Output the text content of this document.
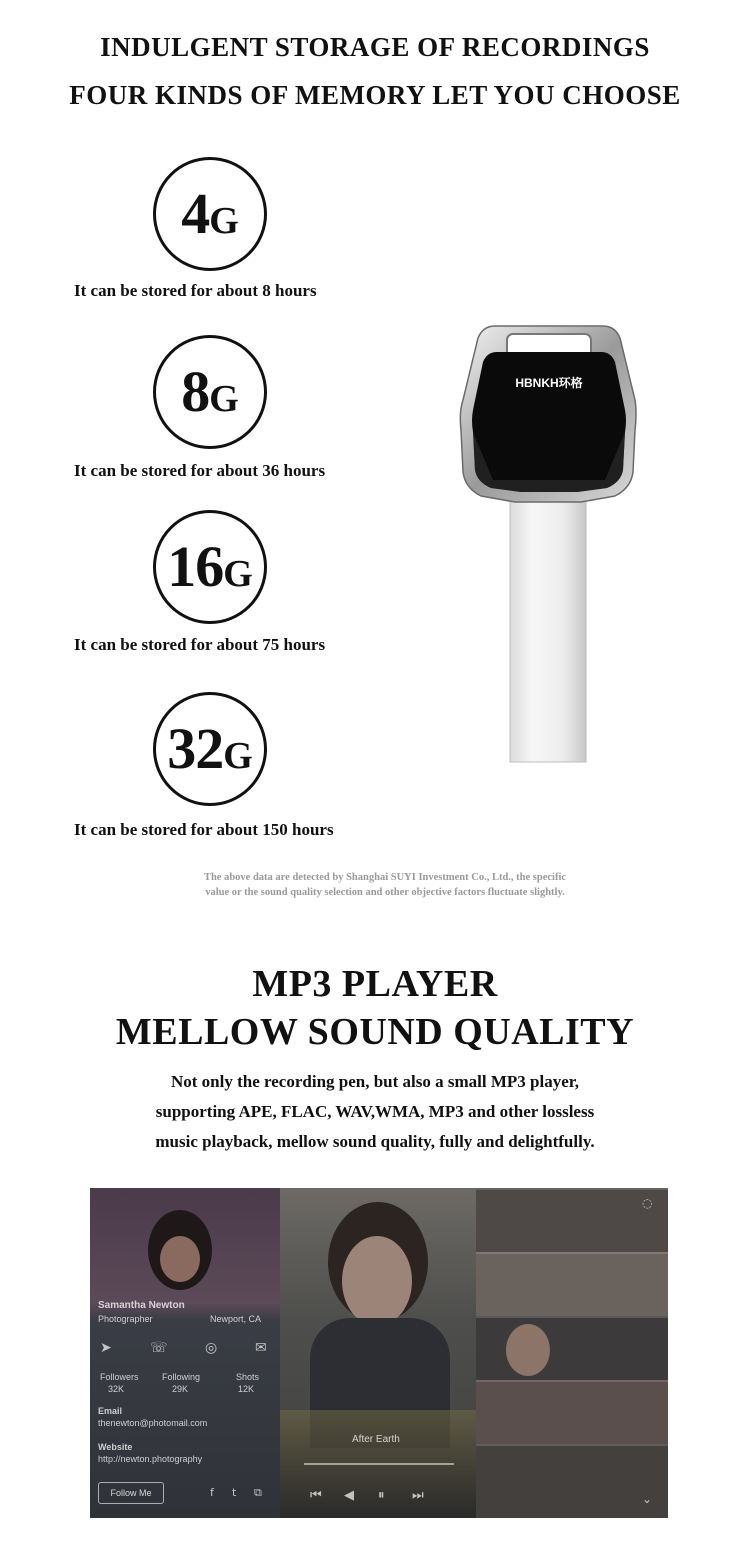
INDULGENT STORAGE OF RECORDINGS
FOUR KINDS OF MEMORY LET YOU CHOOSE
4 G
It can be stored for about 8 hours
8 G
It can be stored for about 36 hours
16 G
It can be stored for about 75 hours
32 G
It can be stored for about 150 hours
HBNKH环格
The above data are detected by Shanghai SUYI Investment Co., Ltd., the specific
value or the sound quality selection and other objective factors fluctuate slightly.
MP3 PLAYER
MELLOW SOUND QUALITY
Not only the recording pen, but also a small MP3 player,
supporting APE, FLAC, WAV,WMA, MP3 and other lossless
music playback, mellow sound quality, fully and delightfully.
Samantha Newton
Photographer	Newport, CA
➤	☏	◎	✉
Followers
32K
Following
29K
Shots
12K
Email
thenewton@photomail.com
Website
http://newton.photography
Follow Me	f t ⧉
After Earth
⏮ ◀ ⏸ ⏭
◌
⌄
